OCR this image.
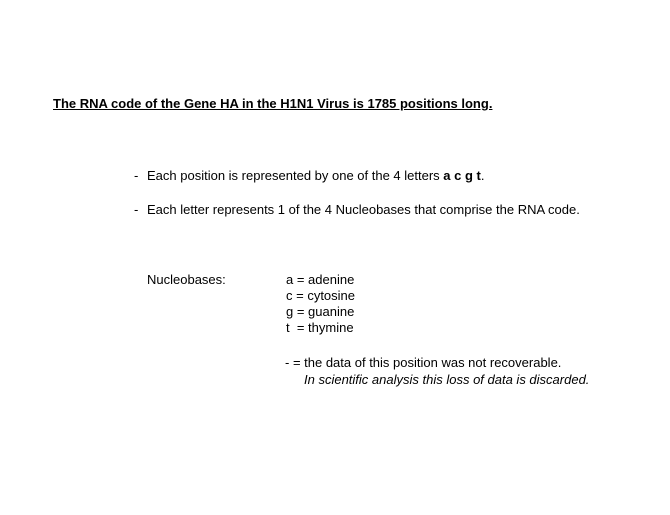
The RNA code of the Gene HA in the H1N1 Virus is 1785 positions long.
- Each position is represented by one of the 4 letters a c g t.
- Each letter represents 1 of the 4 Nucleobases that comprise the RNA code.
Nucleobases:	a = adenine
c = cytosine
g = guanine
t  = thymine
- = the data of this position was not recoverable.
In scientific analysis this loss of data is discarded.
